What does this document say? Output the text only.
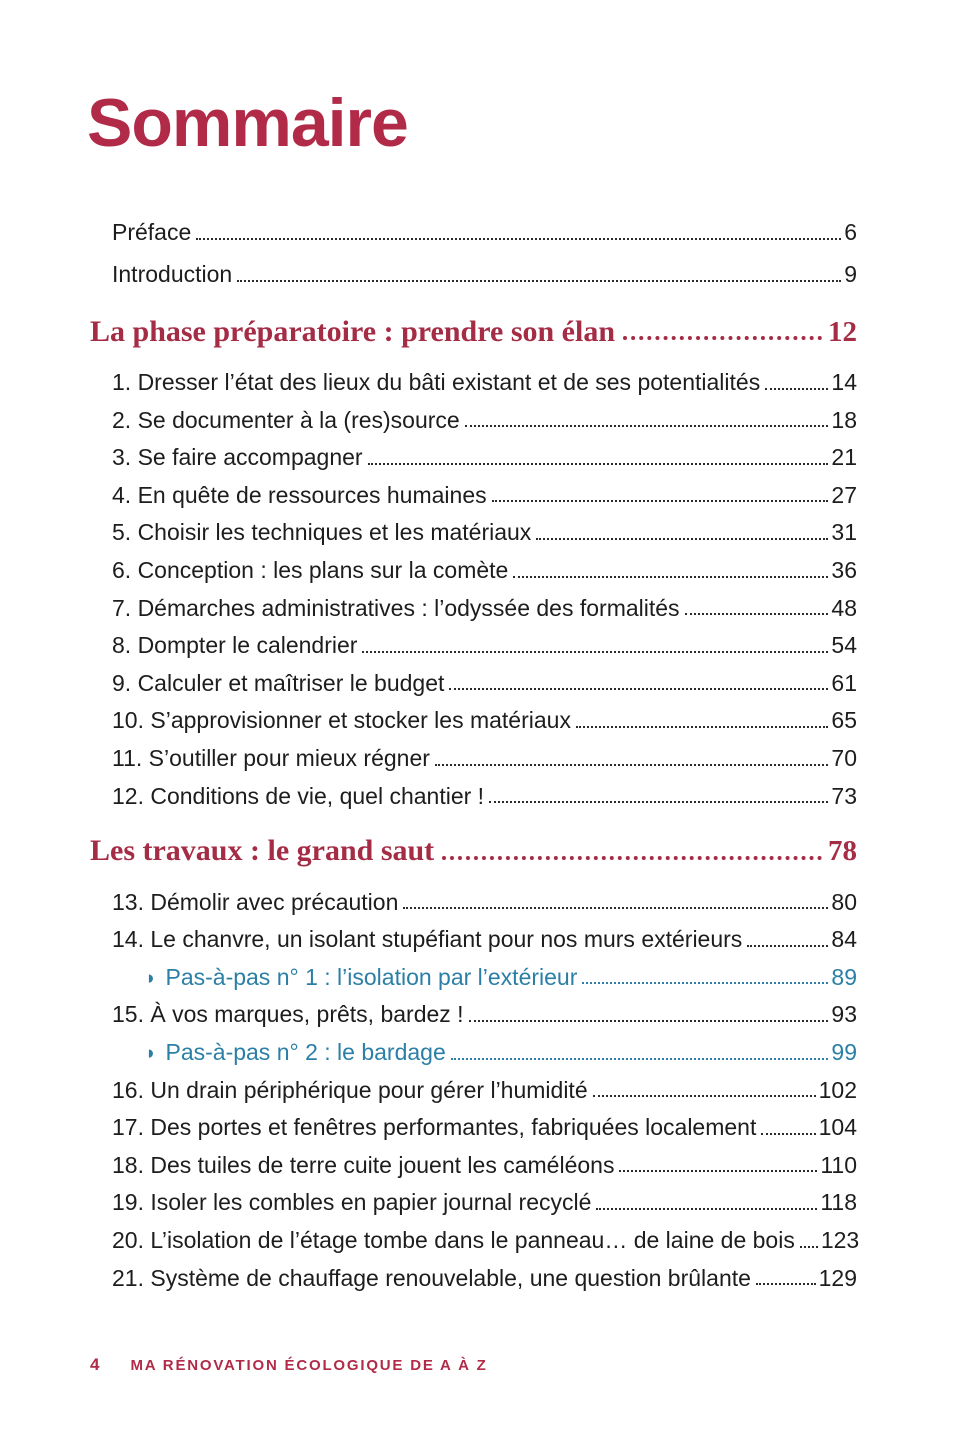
Sommaire
Préface	6
Introduction	9
La phase préparatoire : prendre son élan	12
1. Dresser l’état des lieux du bâti existant et de ses potentialités	14
2. Se documenter à la (res)source	18
3. Se faire accompagner	21
4. En quête de ressources humaines	27
5. Choisir les techniques et les matériaux	31
6. Conception : les plans sur la comète	36
7. Démarches administratives : l’odyssée des formalités	48
8. Dompter le calendrier	54
9. Calculer et maîtriser le budget	61
10. S’approvisionner et stocker les matériaux	65
11. S’outiller pour mieux régner	70
12. Conditions de vie, quel chantier !	73
Les travaux : le grand saut	78
13. Démolir avec précaution	80
14. Le chanvre, un isolant stupéfiant pour nos murs extérieurs	84
◗ Pas-à-pas n° 1 : l’isolation par l’extérieur	89
15. À vos marques, prêts, bardez !	93
◗ Pas-à-pas n° 2 : le bardage	99
16. Un drain périphérique pour gérer l’humidité	102
17. Des portes et fenêtres performantes, fabriquées localement	104
18. Des tuiles de terre cuite jouent les caméléons	110
19. Isoler les combles en papier journal recyclé	118
20. L’isolation de l’étage tombe dans le panneau… de laine de bois 123
21. Système de chauffage renouvelable, une question brûlante	129
4 MA RÉNOVATION ÉCOLOGIQUE DE A À Z
